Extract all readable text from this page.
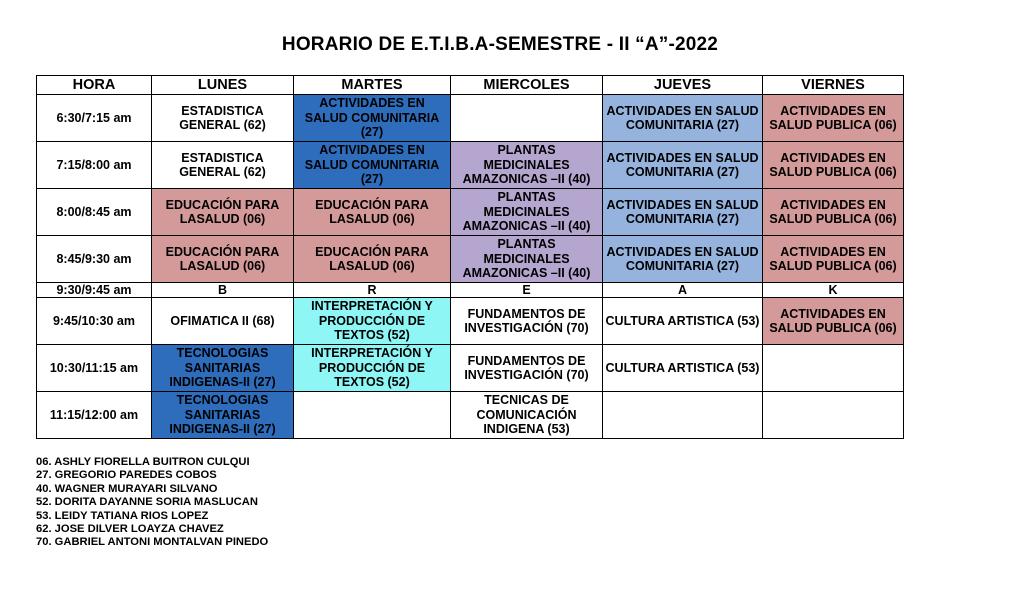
HORARIO DE E.T.I.B.A-SEMESTRE - II “A”-2022
HORA	LUNES	MARTES	MIERCOLES	JUEVES	VIERNES
6:30/7:15 am	ESTADISTICA GENERAL (62)	ACTIVIDADES EN SALUD COMUNITARIA (27)		ACTIVIDADES EN SALUD COMUNITARIA (27)	ACTIVIDADES EN SALUD PUBLICA (06)
7:15/8:00 am	ESTADISTICA GENERAL (62)	ACTIVIDADES EN SALUD COMUNITARIA (27)	PLANTAS MEDICINALES AMAZONICAS –II (40)	ACTIVIDADES EN SALUD COMUNITARIA (27)	ACTIVIDADES EN SALUD PUBLICA (06)
8:00/8:45 am	EDUCACIÓN PARA LASALUD (06)	EDUCACIÓN PARA LASALUD (06)	PLANTAS MEDICINALES AMAZONICAS –II (40)	ACTIVIDADES EN SALUD COMUNITARIA (27)	ACTIVIDADES EN SALUD PUBLICA (06)
8:45/9:30 am	EDUCACIÓN PARA LASALUD (06)	EDUCACIÓN PARA LASALUD (06)	PLANTAS MEDICINALES AMAZONICAS –II (40)	ACTIVIDADES EN SALUD COMUNITARIA (27)	ACTIVIDADES EN SALUD PUBLICA (06)
9:30/9:45 am	B	R	E	A	K
9:45/10:30 am	OFIMATICA II (68)	INTERPRETACIÓN Y PRODUCCIÓN DE TEXTOS (52)	FUNDAMENTOS DE INVESTIGACIÓN (70)	CULTURA ARTISTICA (53)	ACTIVIDADES EN SALUD PUBLICA (06)
10:30/11:15 am	TECNOLOGIAS SANITARIAS INDIGENAS-II (27)	INTERPRETACIÓN Y PRODUCCIÓN DE TEXTOS (52)	FUNDAMENTOS DE INVESTIGACIÓN (70)	CULTURA ARTISTICA (53)	
11:15/12:00 am	TECNOLOGIAS SANITARIAS INDIGENAS-II (27)		TECNICAS DE COMUNICACIÓN INDIGENA (53)		
06. ASHLY FIORELLA BUITRON CULQUI
27. GREGORIO PAREDES COBOS
40. WAGNER MURAYARI SILVANO
52. DORITA DAYANNE SORIA MASLUCAN
53. LEIDY TATIANA RIOS LOPEZ
62. JOSE DILVER LOAYZA CHAVEZ
70. GABRIEL ANTONI MONTALVAN PINEDO
